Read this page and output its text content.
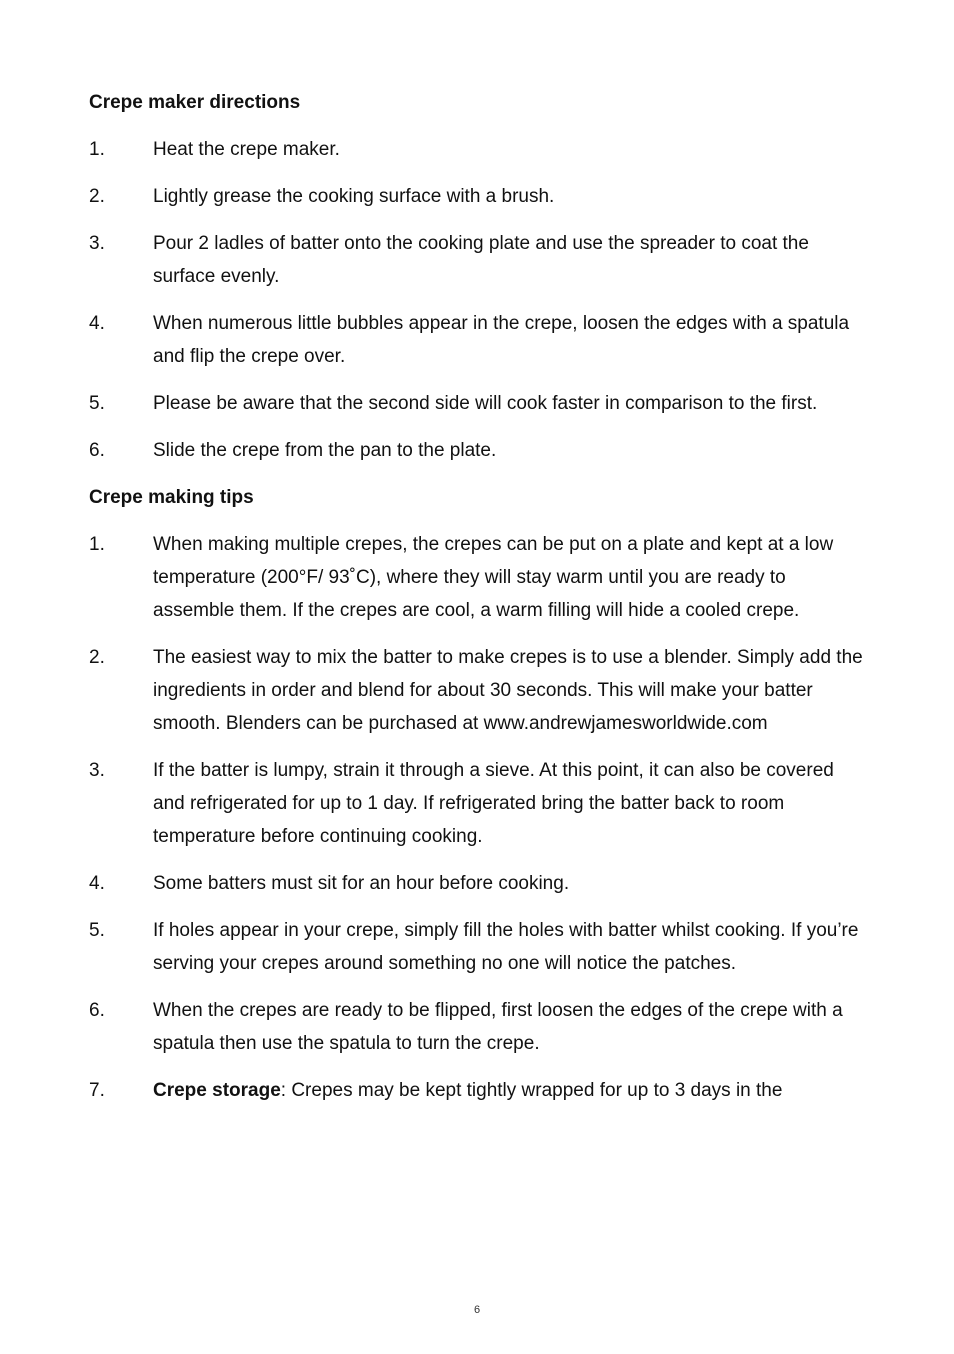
Crepe maker directions
1.	Heat the crepe maker.
2.	Lightly grease the cooking surface with a brush.
3.	Pour 2 ladles of batter onto the cooking plate and use the spreader to coat the surface evenly.
4.	When numerous little bubbles appear in the crepe, loosen the edges with a spatula and flip the crepe over.
5.	Please be aware that the second side will cook faster in comparison to the first.
6.	Slide the crepe from the pan to the plate.
Crepe making tips
1.	When making multiple crepes, the crepes can be put on a plate and kept at a low temperature (200°F/ 93˚C), where they will stay warm until you are ready to assemble them. If the crepes are cool, a warm filling will hide a cooled crepe.
2.	The easiest way to mix the batter to make crepes is to use a blender. Simply add the ingredients in order and blend for about 30 seconds. This will make your batter smooth. Blenders can be purchased at www.andrewjamesworldwide.com
3.	If the batter is lumpy, strain it through a sieve. At this point, it can also be covered and refrigerated for up to 1 day. If refrigerated bring the batter back to room temperature before continuing cooking.
4.	Some batters must sit for an hour before cooking.
5.	If holes appear in your crepe, simply fill the holes with batter whilst cooking. If you’re serving your crepes around something no one will notice the patches.
6.	When the crepes are ready to be flipped, first loosen the edges of the crepe with a spatula then use the spatula to turn the crepe.
7.	Crepe storage: Crepes may be kept tightly wrapped for up to 3 days in the
6
